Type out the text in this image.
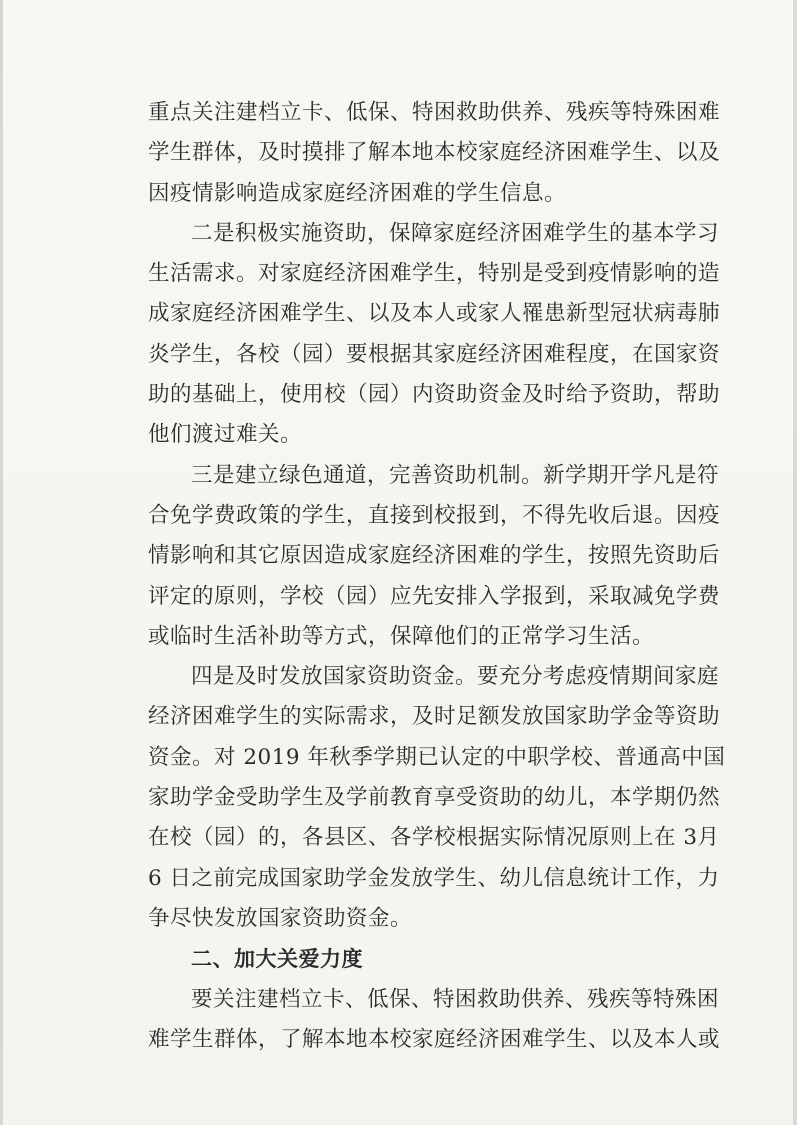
重点关注建档立卡、低保、特困救助供养、残疾等特殊困难
学生群体，及时摸排了解本地本校家庭经济困难学生、以及
因疫情影响造成家庭经济困难的学生信息。
二是积极实施资助，保障家庭经济困难学生的基本学习
生活需求。对家庭经济困难学生，特别是受到疫情影响的造
成家庭经济困难学生、以及本人或家人罹患新型冠状病毒肺
炎学生，各校（园）要根据其家庭经济困难程度，在国家资
助的基础上，使用校（园）内资助资金及时给予资助，帮助
他们渡过难关。
三是建立绿色通道，完善资助机制。新学期开学凡是符
合免学费政策的学生，直接到校报到，不得先收后退。因疫
情影响和其它原因造成家庭经济困难的学生，按照先资助后
评定的原则，学校（园）应先安排入学报到，采取减免学费
或临时生活补助等方式，保障他们的正常学习生活。
四是及时发放国家资助资金。要充分考虑疫情期间家庭
经济困难学生的实际需求，及时足额发放国家助学金等资助
资金。对 2019 年秋季学期已认定的中职学校、普通高中国
家助学金受助学生及学前教育享受资助的幼儿，本学期仍然
在校（园）的，各县区、各学校根据实际情况原则上在 3月
6 日之前完成国家助学金发放学生、幼儿信息统计工作，力
争尽快发放国家资助资金。
二、加大关爱力度
要关注建档立卡、低保、特困救助供养、残疾等特殊困
难学生群体，了解本地本校家庭经济困难学生、以及本人或
